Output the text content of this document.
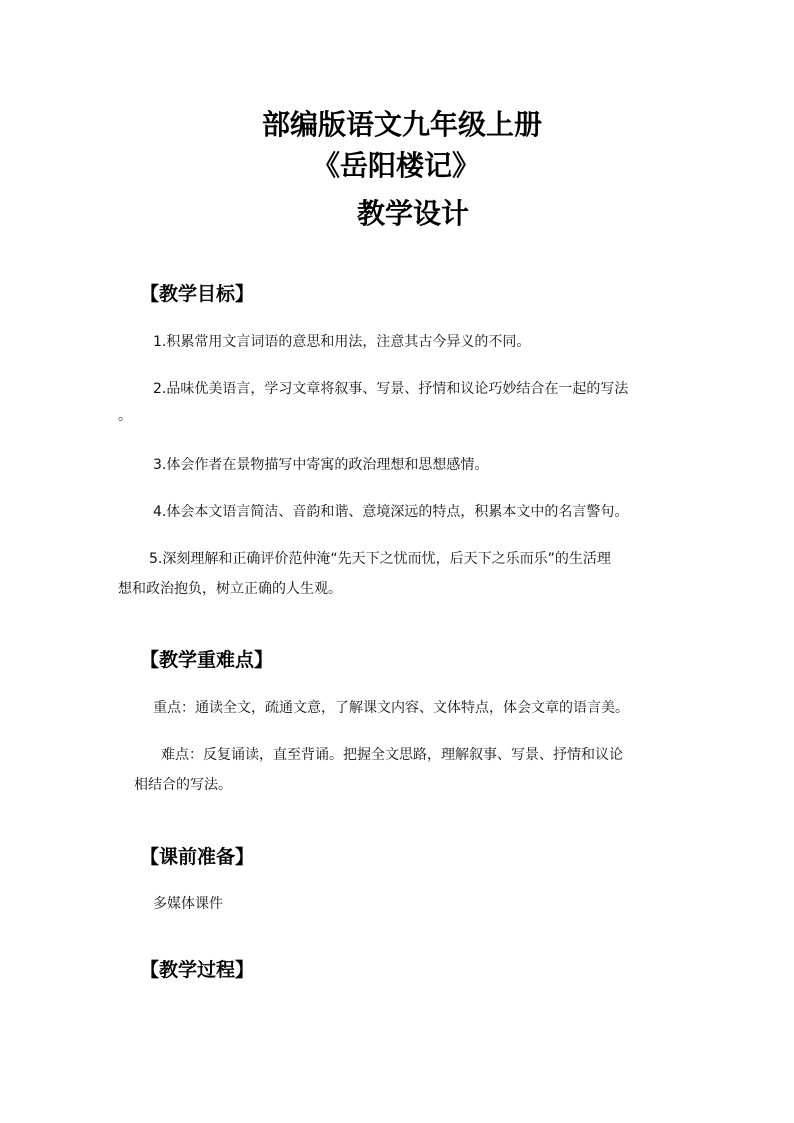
部编版语文九年级上册
《岳阳楼记》
教学设计
【教学目标】
1.积累常用文言词语的意思和用法，注意其古今异义的不同。
2.品味优美语言，学习文章将叙事、写景、抒情和议论巧妙结合在一起的写法
。
3.体会作者在景物描写中寄寓的政治理想和思想感情。
4.体会本文语言简洁、音韵和谐、意境深远的特点，积累本文中的名言警句。
5.深刻理解和正确评价范仲淹“先天下之忧而忧，后天下之乐而乐”的生活理
想和政治抱负，树立正确的人生观。
【教学重难点】
重点：通读全文，疏通文意，了解课文内容、文体特点，体会文章的语言美。
难点：反复诵读，直至背诵。把握全文思路，理解叙事、写景、抒情和议论
相结合的写法。
【课前准备】
多媒体课件
【教学过程】
